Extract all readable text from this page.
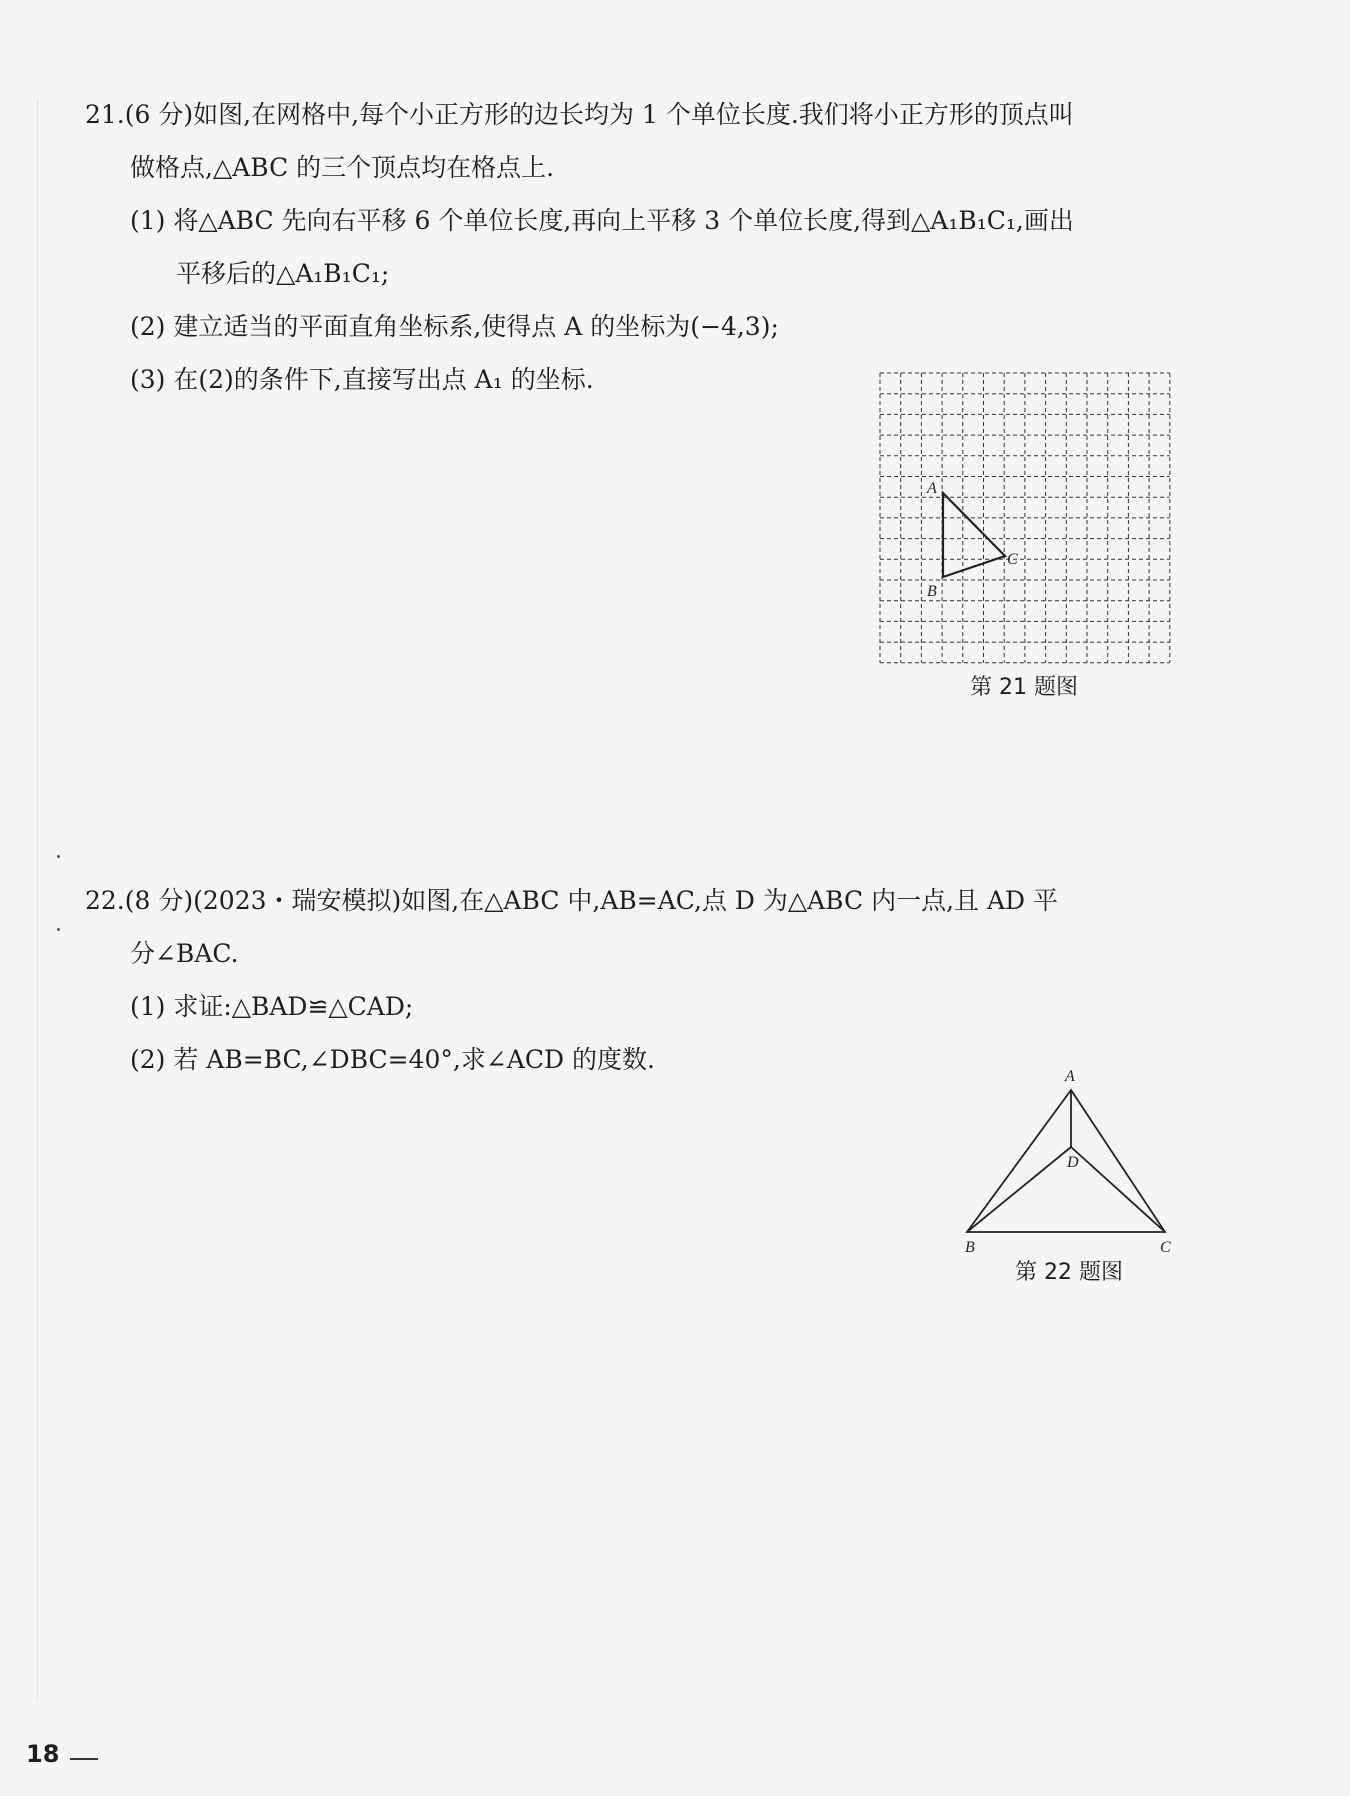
21.(6 分)如图,在网格中,每个小正方形的边长均为 1 个单位长度.我们将小正方形的顶点叫

做格点,△ABC 的三个顶点均在格点上.

(1) 将△ABC 先向右平移 6 个单位长度,再向上平移 3 个单位长度,得到△A₁B₁C₁,画出

平移后的△A₁B₁C₁;

(2) 建立适当的平面直角坐标系,使得点 A 的坐标为(−4,3);

(3) 在(2)的条件下,直接写出点 A₁ 的坐标.

A
B
C
第 21 题图

22.(8 分)(2023・瑞安模拟)如图,在△ABC 中,AB=AC,点 D 为△ABC 内一点,且 AD 平

分∠BAC.

(1) 求证:△BAD≌△CAD;

(2) 若 AB=BC,∠DBC=40°,求∠ACD 的度数.

A
D
B	C
第 22 题图
18
